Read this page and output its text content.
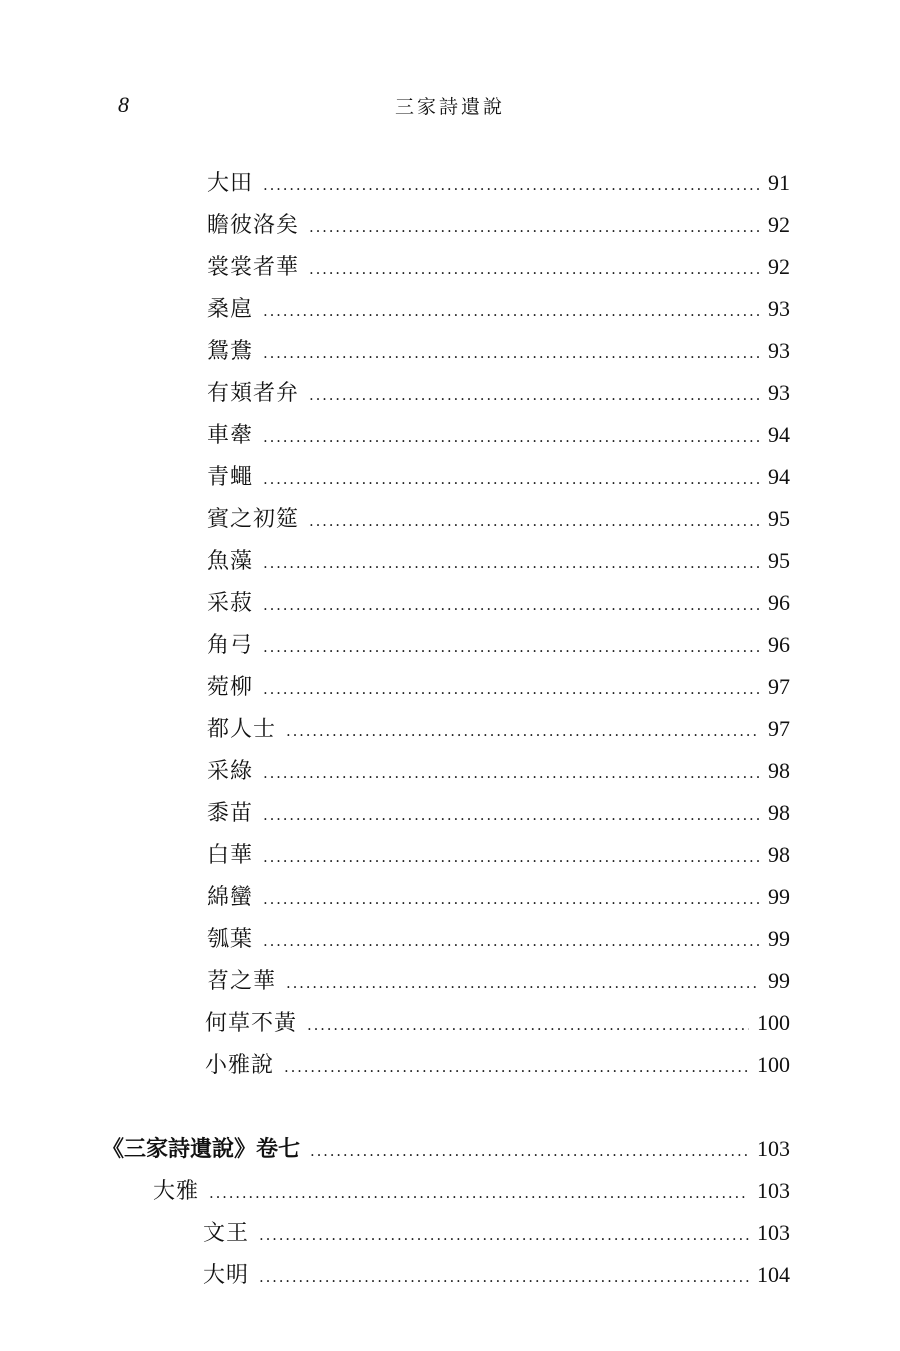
8	三家詩遺說
大田 .....	91
瞻彼洛矣 .....	92
裳裳者華 .....	92
桑扈 .....	93
鴛鴦 .....	93
有頍者弁 .....	93
車舝 .....	94
青蠅 .....	94
賓之初筵 .....	95
魚藻 .....	95
采菽 .....	96
角弓 .....	96
菀柳 .....	97
都人士 .....	97
采綠 .....	98
黍苗 .....	98
白華 .....	98
綿蠻 .....	99
瓠葉 .....	99
苕之華 .....	99
何草不黃 .....	100
小雅說 .....	100
《三家詩遺說》卷七 .....	103
大雅 .....	103
文王 .....	103
大明 .....	104
